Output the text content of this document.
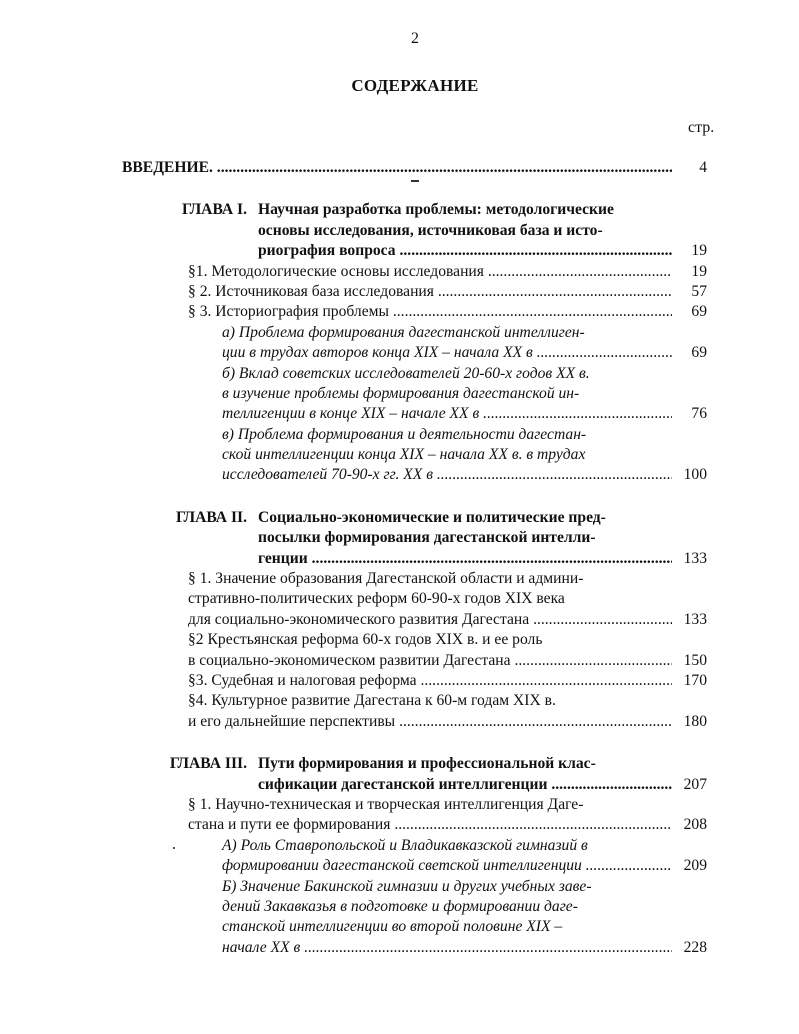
2
СОДЕРЖАНИЕ
стр.
ВВЕДЕНИЕ. .....	4
ГЛАВА I. Научная разработка проблемы: методологические
основы исследования, источниковая база и исто-
риография вопроса .....	19
§1. Методологические основы исследования .....	19
§ 2. Источниковая база исследования .....	57
§ 3. Историография проблемы .....	69
а) Проблема формирования дагестанской интеллиген-
ции в трудах авторов конца XIX – начала XX в .....	69
б) Вклад советских исследователей 20-60-х годов XX в.
в изучение проблемы формирования дагестанской ин-
теллигенции в конце XIX – начале XX в .....	76
в) Проблема формирования и деятельности дагестан-
ской интеллигенции конца XIX – начала XX в. в трудах
исследователей 70-90-х гг. XX в .....	100
ГЛАВА II. Социально-экономические и политические пред-
посылки формирования дагестанской интелли-
генции .....	133
§ 1. Значение образования Дагестанской области и админи-
стративно-политических реформ 60-90-х годов XIX века
для социально-экономического развития Дагестана .....	133
§2 Крестьянская реформа 60-х годов XIX в. и ее роль
в социально-экономическом развитии Дагестана .....	150
§3. Судебная и налоговая реформа .....	170
§4. Культурное развитие Дагестана к 60-м годам XIX в.
и его дальнейшие перспективы .....	180
ГЛАВА III. Пути формирования и профессиональной клас-
сификации дагестанской интеллигенции .....	207
§ 1. Научно-техническая и творческая интеллигенция Даге-
стана и пути ее формирования .....	208
А) Роль Ставропольской и Владикавказской гимназий в
формировании дагестанской светской интеллигенции .....	209
Б) Значение Бакинской гимназии и других учебных заве-
дений Закавказья в подготовке и формировании даге-
станской интеллигенции во второй половине XIX –
начале XX в .....	228
